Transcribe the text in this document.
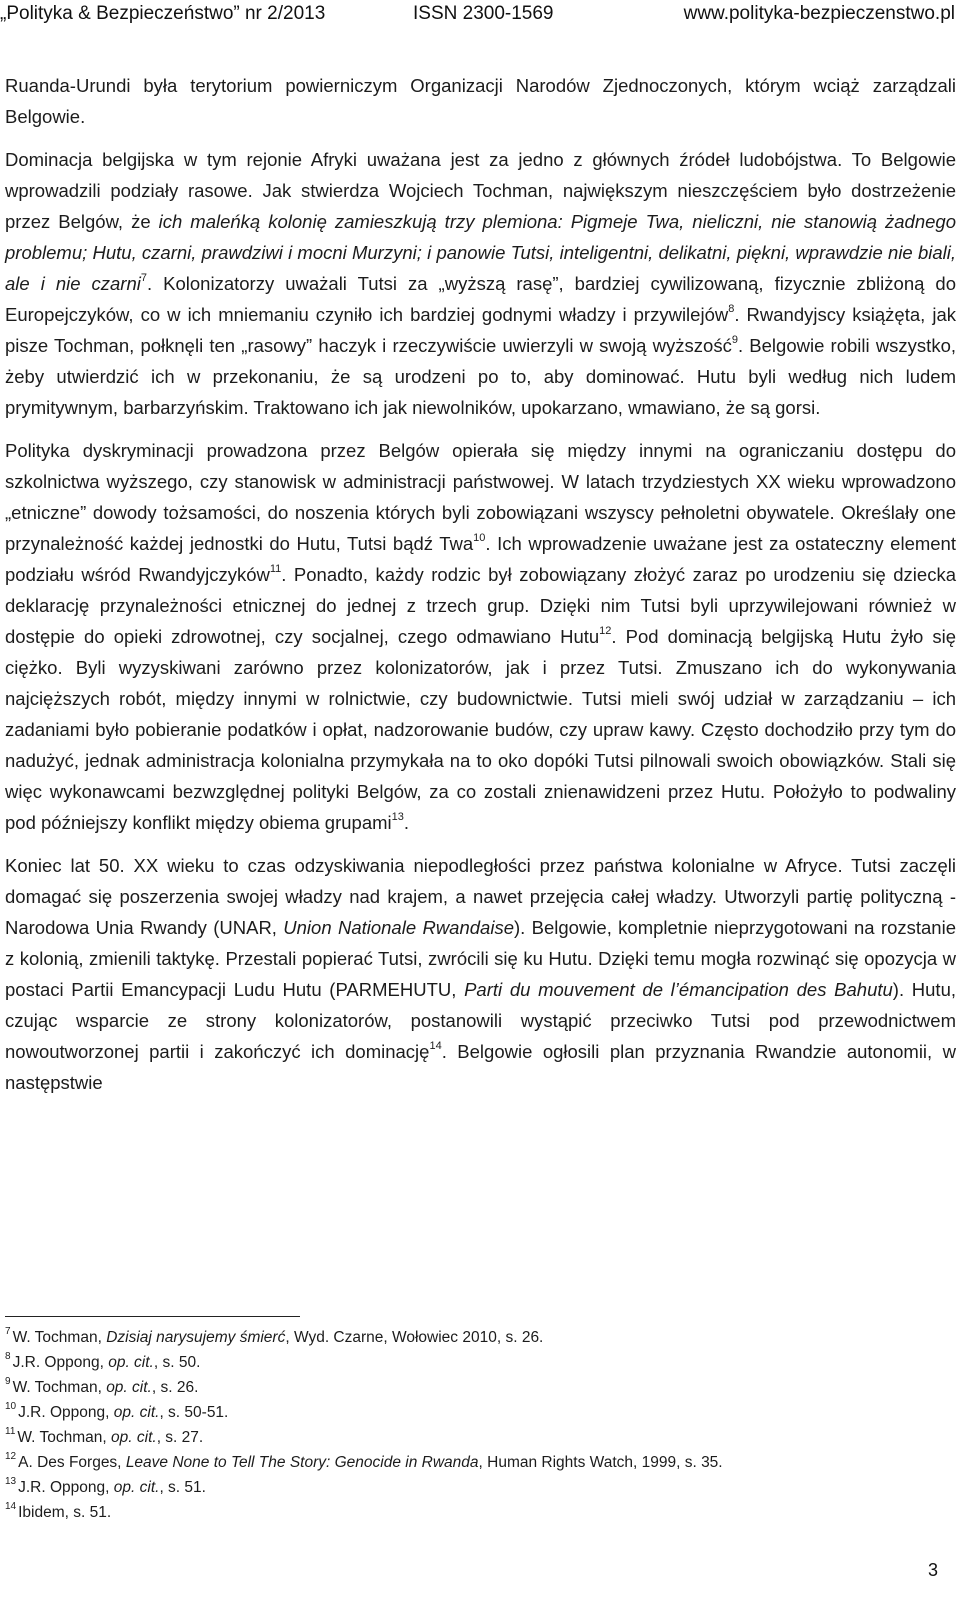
„Polityka & Bezpieczeństwo” nr 2/2013	ISSN 2300-1569	www.polityka-bezpieczenstwo.pl

Ruanda-Urundi była terytorium powierniczym Organizacji Narodów Zjednoczonych, którym wciąż zarządzali Belgowie.

Dominacja belgijska w tym rejonie Afryki uważana jest za jedno z głównych źródeł ludobójstwa. To Belgowie wprowadzili podziały rasowe. Jak stwierdza Wojciech Tochman, największym nieszczęściem było dostrzeżenie przez Belgów, że ich maleńką kolonię zamieszkują trzy plemiona: Pigmeje Twa, nieliczni, nie stanowią żadnego problemu; Hutu, czarni, prawdziwi i mocni Murzyni; i panowie Tutsi, inteligentni, delikatni, piękni, wprawdzie nie biali, ale i nie czarni$^7$. Kolonizatorzy uważali Tutsi za „wyższą rasę”, bardziej cywilizowaną, fizycznie zbliżoną do Europejczyków, co w ich mniemaniu czyniło ich bardziej godnymi władzy i przywilejów$^8$. Rwandyjscy książęta, jak pisze Tochman, połknęli ten „rasowy” haczyk i rzeczywiście uwierzyli w swoją wyższość$^9$. Belgowie robili wszystko, żeby utwierdzić ich w przekonaniu, że są urodzeni po to, aby dominować. Hutu byli według nich ludem prymitywnym, barbarzyńskim. Traktowano ich jak niewolników, upokarzano, wmawiano, że są gorsi.

Polityka dyskryminacji prowadzona przez Belgów opierała się między innymi na ograniczaniu dostępu do szkolnictwa wyższego, czy stanowisk w administracji państwowej. W latach trzydziestych XX wieku wprowadzono „etniczne” dowody tożsamości, do noszenia których byli zobowiązani wszyscy pełnoletni obywatele. Określały one przynależność każdej jednostki do Hutu, Tutsi bądź Twa$^{10}$. Ich wprowadzenie uważane jest za ostateczny element podziału wśród Rwandyjczyków$^{11}$. Ponadto, każdy rodzic był zobowiązany złożyć zaraz po urodzeniu się dziecka deklarację przynależności etnicznej do jednej z trzech grup. Dzięki nim Tutsi byli uprzywilejowani również w dostępie do opieki zdrowotnej, czy socjalnej, czego odmawiano Hutu$^{12}$. Pod dominacją belgijską Hutu żyło się ciężko. Byli wyzyskiwani zarówno przez kolonizatorów, jak i przez Tutsi. Zmuszano ich do wykonywania najcięższych robót, między innymi w rolnictwie, czy budownictwie. Tutsi mieli swój udział w zarządzaniu – ich zadaniami było pobieranie podatków i opłat, nadzorowanie budów, czy upraw kawy. Często dochodziło przy tym do nadużyć, jednak administracja kolonialna przymykała na to oko dopóki Tutsi pilnowali swoich obowiązków. Stali się więc wykonawcami bezwzględnej polityki Belgów, za co zostali znienawidzeni przez Hutu. Położyło to podwaliny pod późniejszy konflikt między obiema grupami$^{13}$.

Koniec lat 50. XX wieku to czas odzyskiwania niepodległości przez państwa kolonialne w Afryce. Tutsi zaczęli domagać się poszerzenia swojej władzy nad krajem, a nawet przejęcia całej władzy. Utworzyli partię polityczną - Narodowa Unia Rwandy (UNAR, Union Nationale Rwandaise). Belgowie, kompletnie nieprzygotowani na rozstanie z kolonią, zmienili taktykę. Przestali popierać Tutsi, zwrócili się ku Hutu. Dzięki temu mogła rozwinąć się opozycja w postaci Partii Emancypacji Ludu Hutu (PARMEHUTU, Parti du mouvement de l’émancipation des Bahutu). Hutu, czując wsparcie ze strony kolonizatorów, postanowili wystąpić przeciwko Tutsi pod przewodnictwem nowoutworzonej partii i zakończyć ich dominację$^{14}$. Belgowie ogłosili plan przyznania Rwandzie autonomii, w następstwie

$^7$ W. Tochman, Dzisiaj narysujemy śmierć, Wyd. Czarne, Wołowiec 2010, s. 26.

$^8$ J.R. Oppong, op. cit., s. 50.

$^9$ W. Tochman, op. cit., s. 26.

$^{10}$ J.R. Oppong, op. cit., s. 50-51.

$^{11}$ W. Tochman, op. cit., s. 27.

$^{12}$ A. Des Forges, Leave None to Tell The Story: Genocide in Rwanda, Human Rights Watch, 1999, s. 35.

$^{13}$ J.R. Oppong, op. cit., s. 51.

$^{14}$ Ibidem, s. 51.

3
